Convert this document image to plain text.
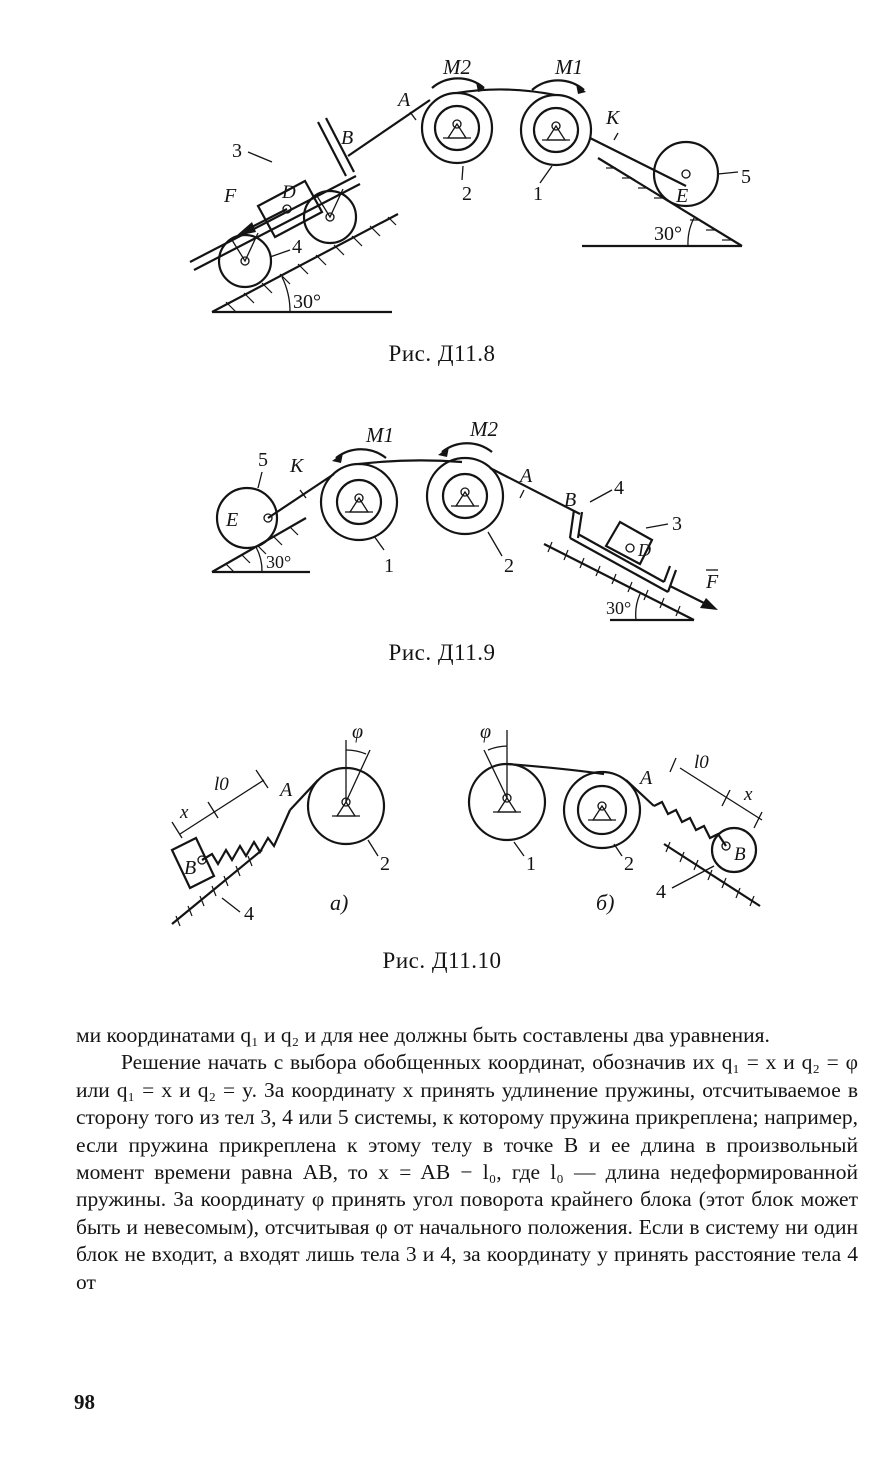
30°
D
3
F
4
B
A
2
M2
1
M1
K
30°
E
5
Рис. Д11.8
30°
E
5 K
1
M1
2
M2
A
B
4
D
3
F
30°
Рис. Д11.9
B
4
x
l0	A
φ
2
а)
φ
1	2
A
l0
x
B
4
б)
Рис. Д11.10

ми координатами q₁ и q₂ и для нее должны быть составлены два уравнения.

Решение начать с выбора обобщенных координат, обозначив их q₁ = x и q₂ = φ или q₁ = x и q₂ = y. За координату x принять удлинение пружины, отсчитываемое в сторону того из тел 3, 4 или 5 системы, к которому пружина прикреплена; например, если пружина прикреплена к этому телу в точке B и ее длина в произвольный момент времени равна AB, то x = AB − l₀, где l₀ — длина недеформированной пружины. За координату φ принять угол поворота крайнего блока (этот блок может быть и невесомым), отсчитывая φ от начального положения. Если в систему ни один блок не входит, а входят лишь тела 3 и 4, за координату y принять расстояние тела 4 от

98
